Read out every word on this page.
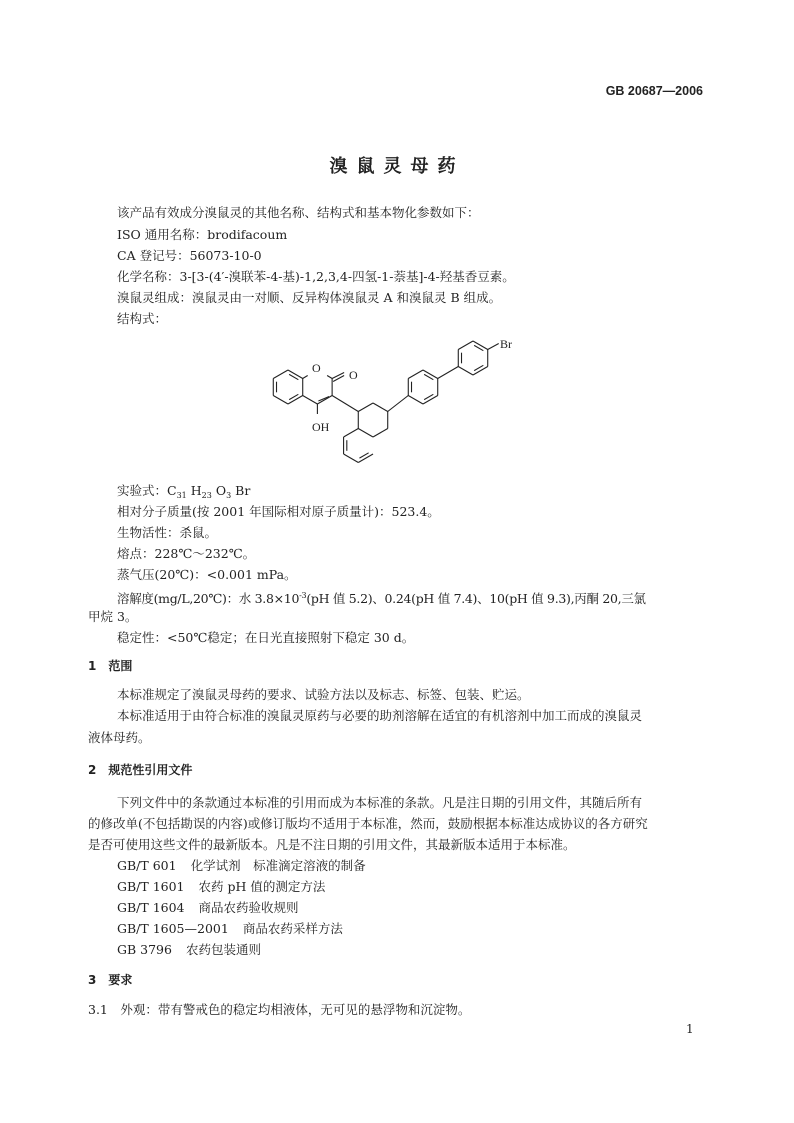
GB 20687—2006
溴鼠灵母药
该产品有效成分溴鼠灵的其他名称、结构式和基本物化参数如下：
ISO 通用名称：brodifacoum
CA 登记号：56073-10-0
化学名称：3-[3-(4′-溴联苯-4-基)-1,2,3,4-四氢-1-萘基]-4-羟基香豆素。
溴鼠灵组成：溴鼠灵由一对顺、反异构体溴鼠灵 A 和溴鼠灵 B 组成。
结构式：
O O
OH
Br
实验式：$C_{31}$ $H_{23}$ $O_3$ Br
相对分子质量(按 2001 年国际相对原子质量计)：523.4。
生物活性：杀鼠。
熔点：228℃～232℃。
蒸气压(20℃)：<0.001 mPa。
溶解度(mg/L,20℃)：水 $3.8\times 10^{-3}(pH$ 值 5.2)、0.24(pH 值 7.4)、10(pH 值 9.3),丙酮 20,三氯
甲烷 3。
稳定性：<50℃稳定；在日光直接照射下稳定 30 d。
1　范围
本标准规定了溴鼠灵母药的要求、试验方法以及标志、标签、包装、贮运。
本标准适用于由符合标准的溴鼠灵原药与必要的助剂溶解在适宜的有机溶剂中加工而成的溴鼠灵
液体母药。
2　规范性引用文件
下列文件中的条款通过本标准的引用而成为本标准的条款。凡是注日期的引用文件，其随后所有
的修改单(不包括勘误的内容)或修订版均不适用于本标准，然而，鼓励根据本标准达成协议的各方研究
是否可使用这些文件的最新版本。凡是不注日期的引用文件，其最新版本适用于本标准。
GB/T 601 化学试剂　标准滴定溶液的制备
GB/T 1601 农药 pH 值的测定方法
GB/T 1604 商品农药验收规则
GB/T 1605—2001 商品农药采样方法
GB 3796 农药包装通则
3　要求
3.1　外观：带有警戒色的稳定均相液体，无可见的悬浮物和沉淀物。
1
